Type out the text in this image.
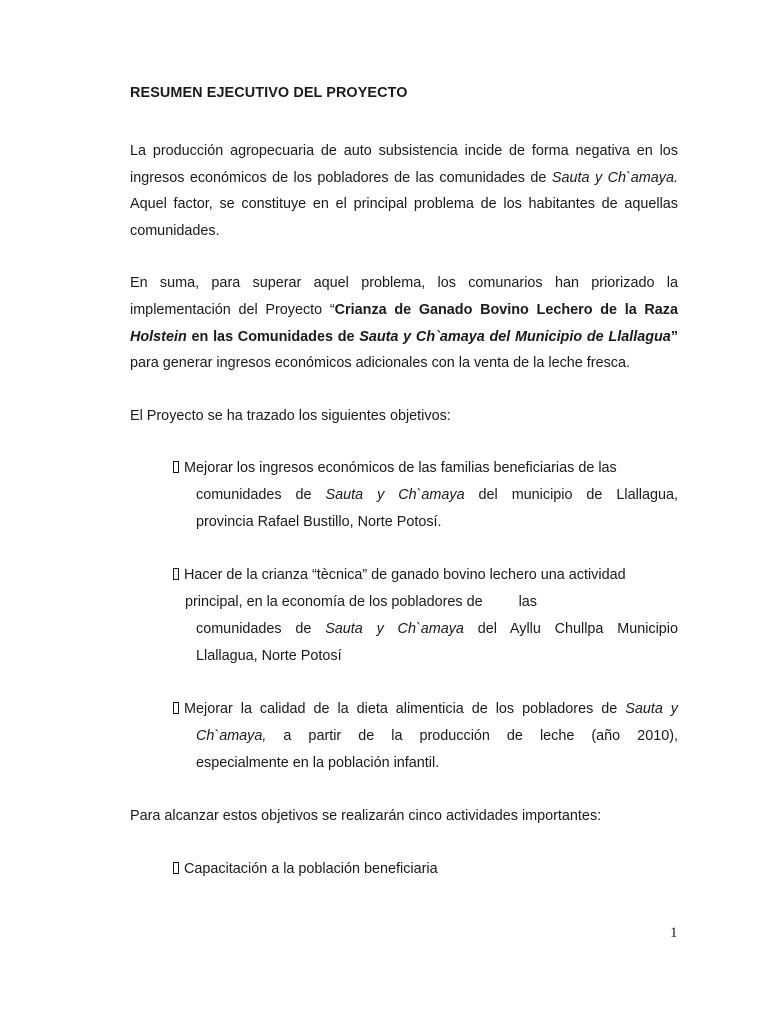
RESUMEN EJECUTIVO DEL PROYECTO

La producción agropecuaria de auto subsistencia incide de forma negativa en los ingresos económicos de los pobladores de las comunidades de Sauta y Ch`amaya. Aquel factor, se constituye en el principal problema de los habitantes de aquellas comunidades.

En suma, para superar aquel problema, los comunarios han priorizado la implementación del Proyecto “Crianza de Ganado Bovino Lechero de la Raza Holstein en las Comunidades de Sauta y Ch`amaya del Municipio de Llallagua” para generar ingresos económicos adicionales con la venta de la leche fresca.

El Proyecto se ha trazado los siguientes objetivos:

Mejorar los ingresos económicos de las familias beneficiarias de las
comunidades de Sauta y Ch`amaya del municipio de Llallagua,
provincia Rafael Bustillo, Norte Potosí.
Hacer de la crianza “tècnica” de ganado bovino lechero una actividad
principal, en la economía de los pobladores de	las
comunidades de Sauta y Ch`amaya del Ayllu Chullpa Municipio
Llallagua, Norte Potosí
Mejorar la calidad de la dieta alimenticia de los pobladores de Sauta y
Ch`amaya, a partir de la producción de leche (año 2010),
especialmente en la población infantil.

Para alcanzar estos objetivos se realizarán cinco actividades importantes:

Capacitación a la población beneficiaria
1
